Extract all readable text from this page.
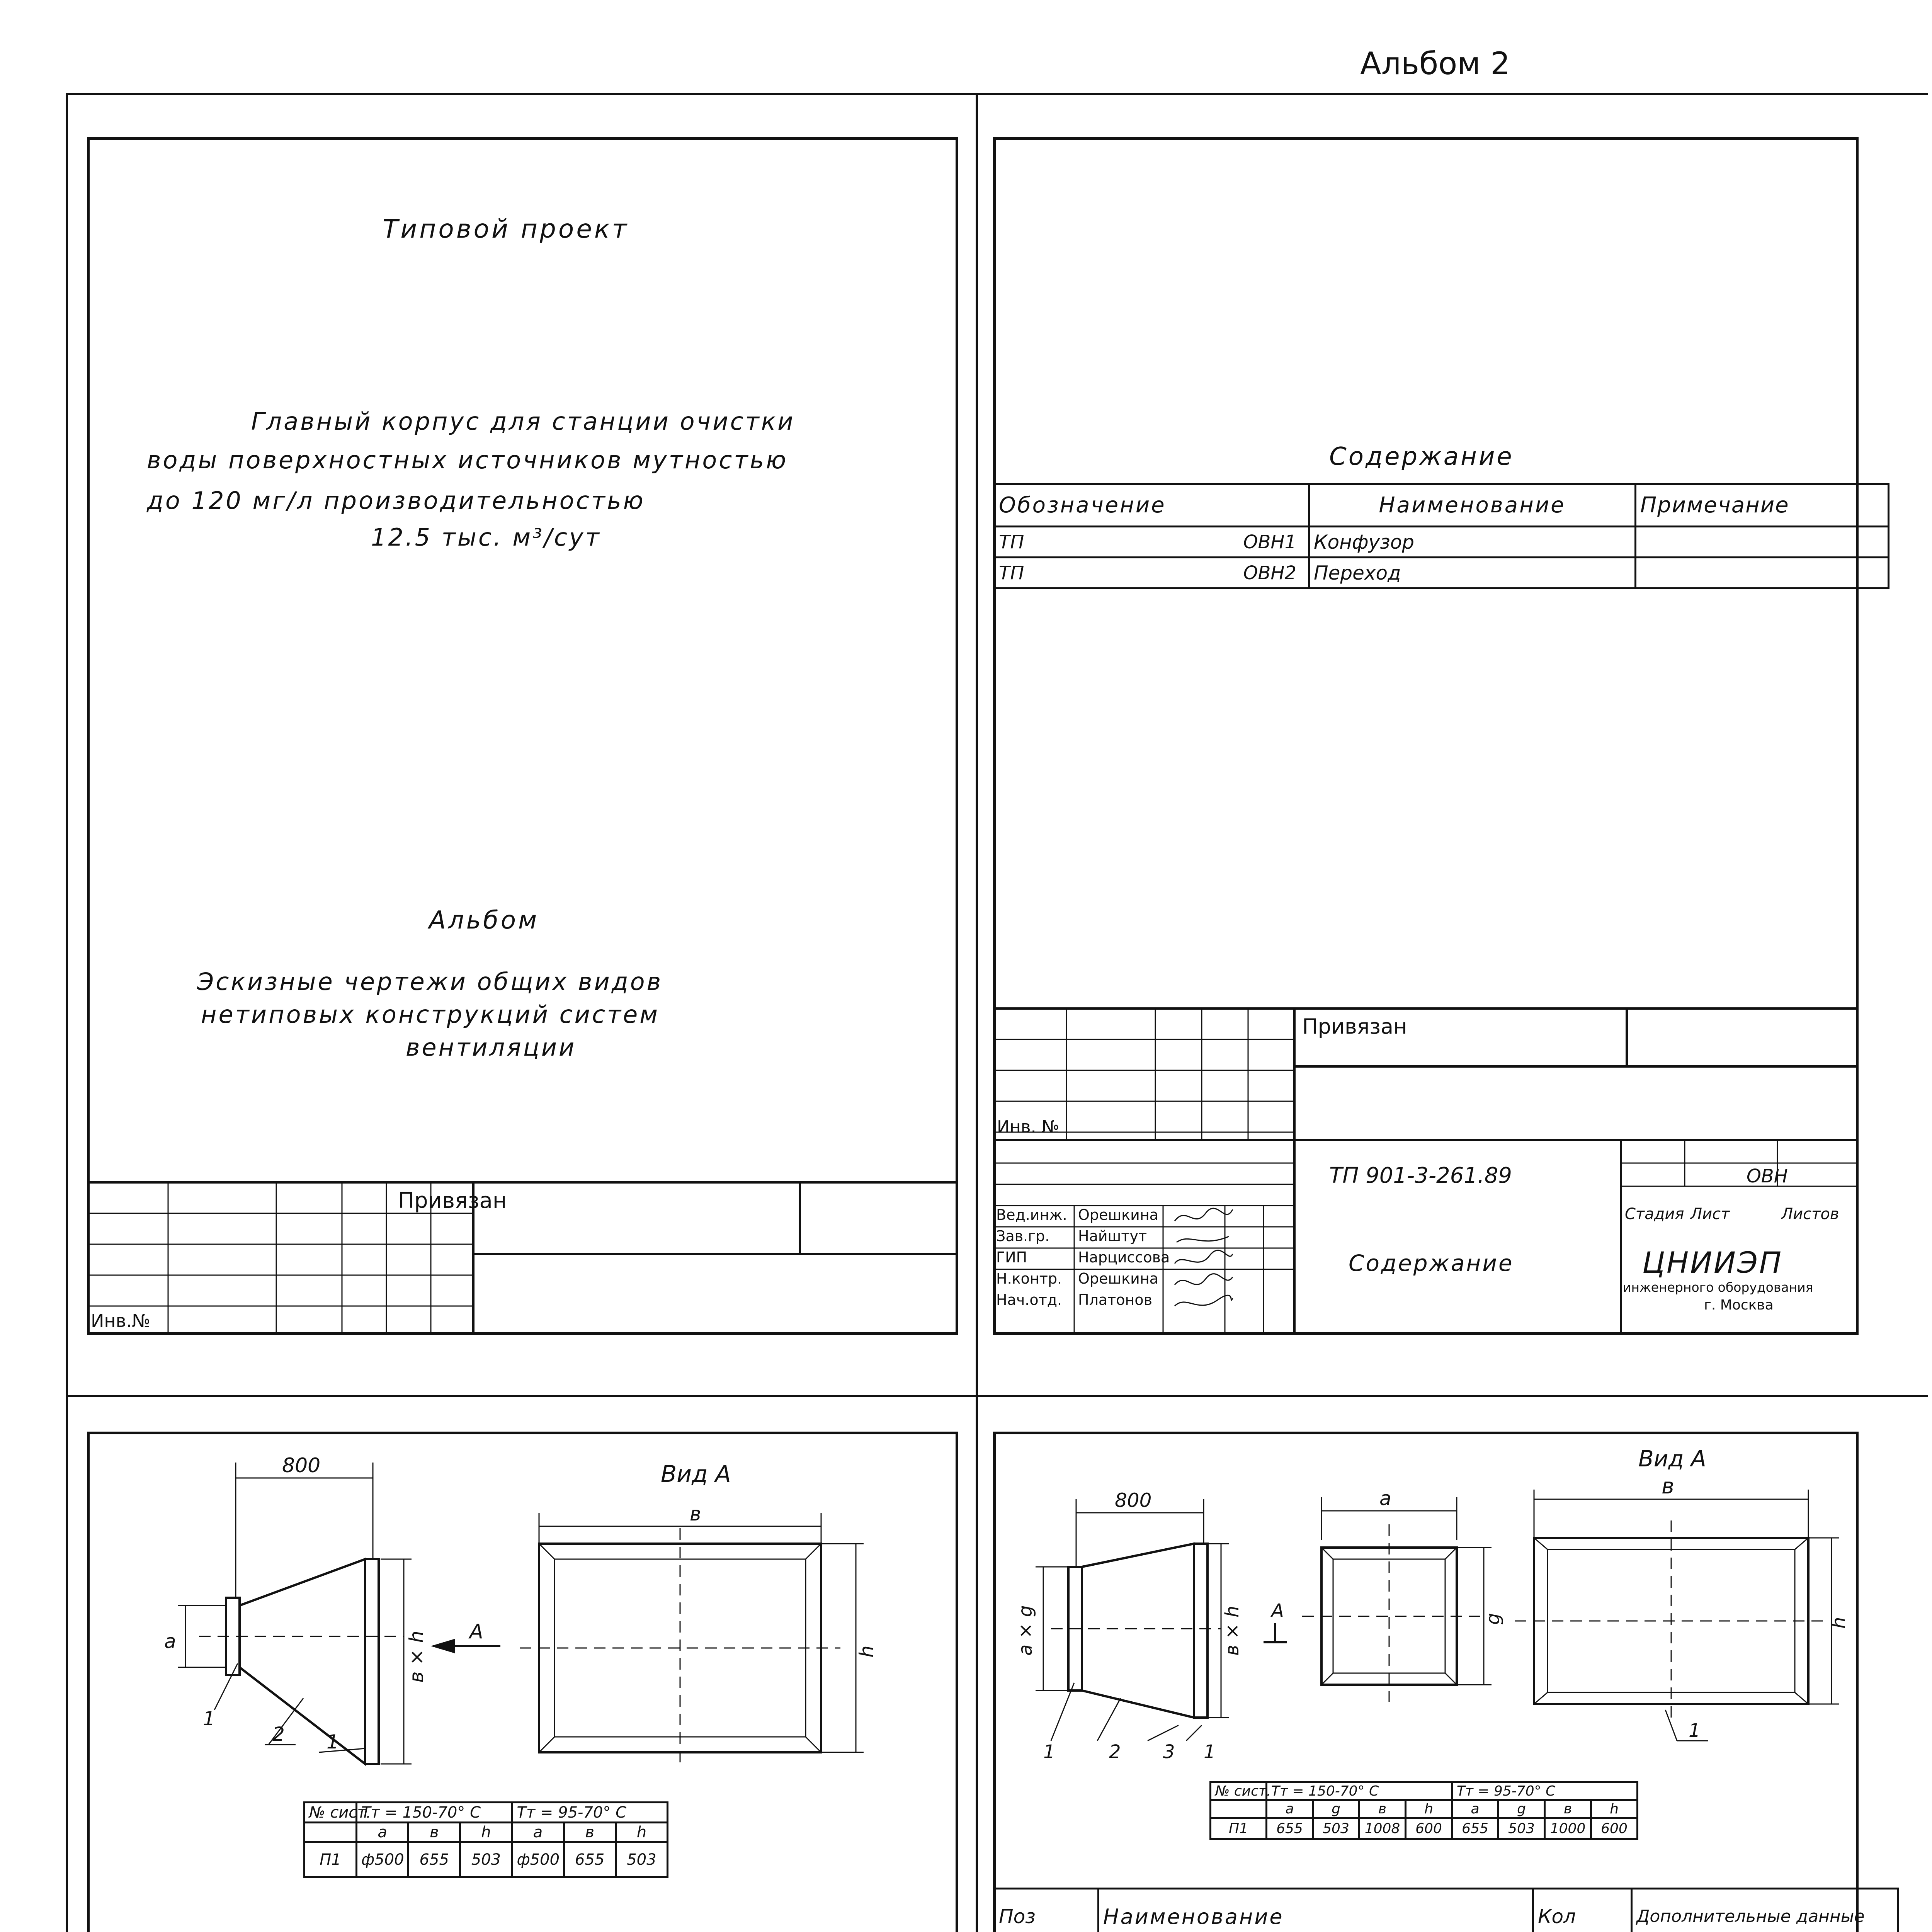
Альбом 2
Типовой проект
Главный корпус для станции очистки
воды поверхностных источников мутностью
до 120 мг/л производительностью
12.5 тыс. м³/сут
Альбом
Эскизные чертежи общих видов
нетиповых конструкций систем
вентиляции
Привязан
Инв.№
Содержание
Обозначение	Наименование	Примечание
ТП ОВН1	Конфузор	
ТП ОВН2	Переход	
Привязан
Инв. №
ТП 901-3-261.89	ОВН
Содержание
Стадия Лист	Листов
ЦНИИЭП
инженерного оборудования
г. Москва
Вед.инж. Орешкина
Зав.гр. Найштут
ГИП	Нарциссова
Н.контр. Орешкина
Нач.отд. Платонов
800
a	в × h
1
2 1
А
Вид А
в
h
№ сист.	Тт = 150-70° С			Тт = 95-70° С		
	a	в	h	a	в	h
П1	ф500	655	503	ф500	655	503

800
a × g	в × h
1	2 3 1
А
a
g
Вид А
в
h
1
№ сист.	Тт = 150-70° С				Тт = 95-70° С			
	a	g	в	h	a	g	в	h
П1	655	503	1008	600	655	503	1000	600
Поз	Наименование	Кол	Дополнительные данные
